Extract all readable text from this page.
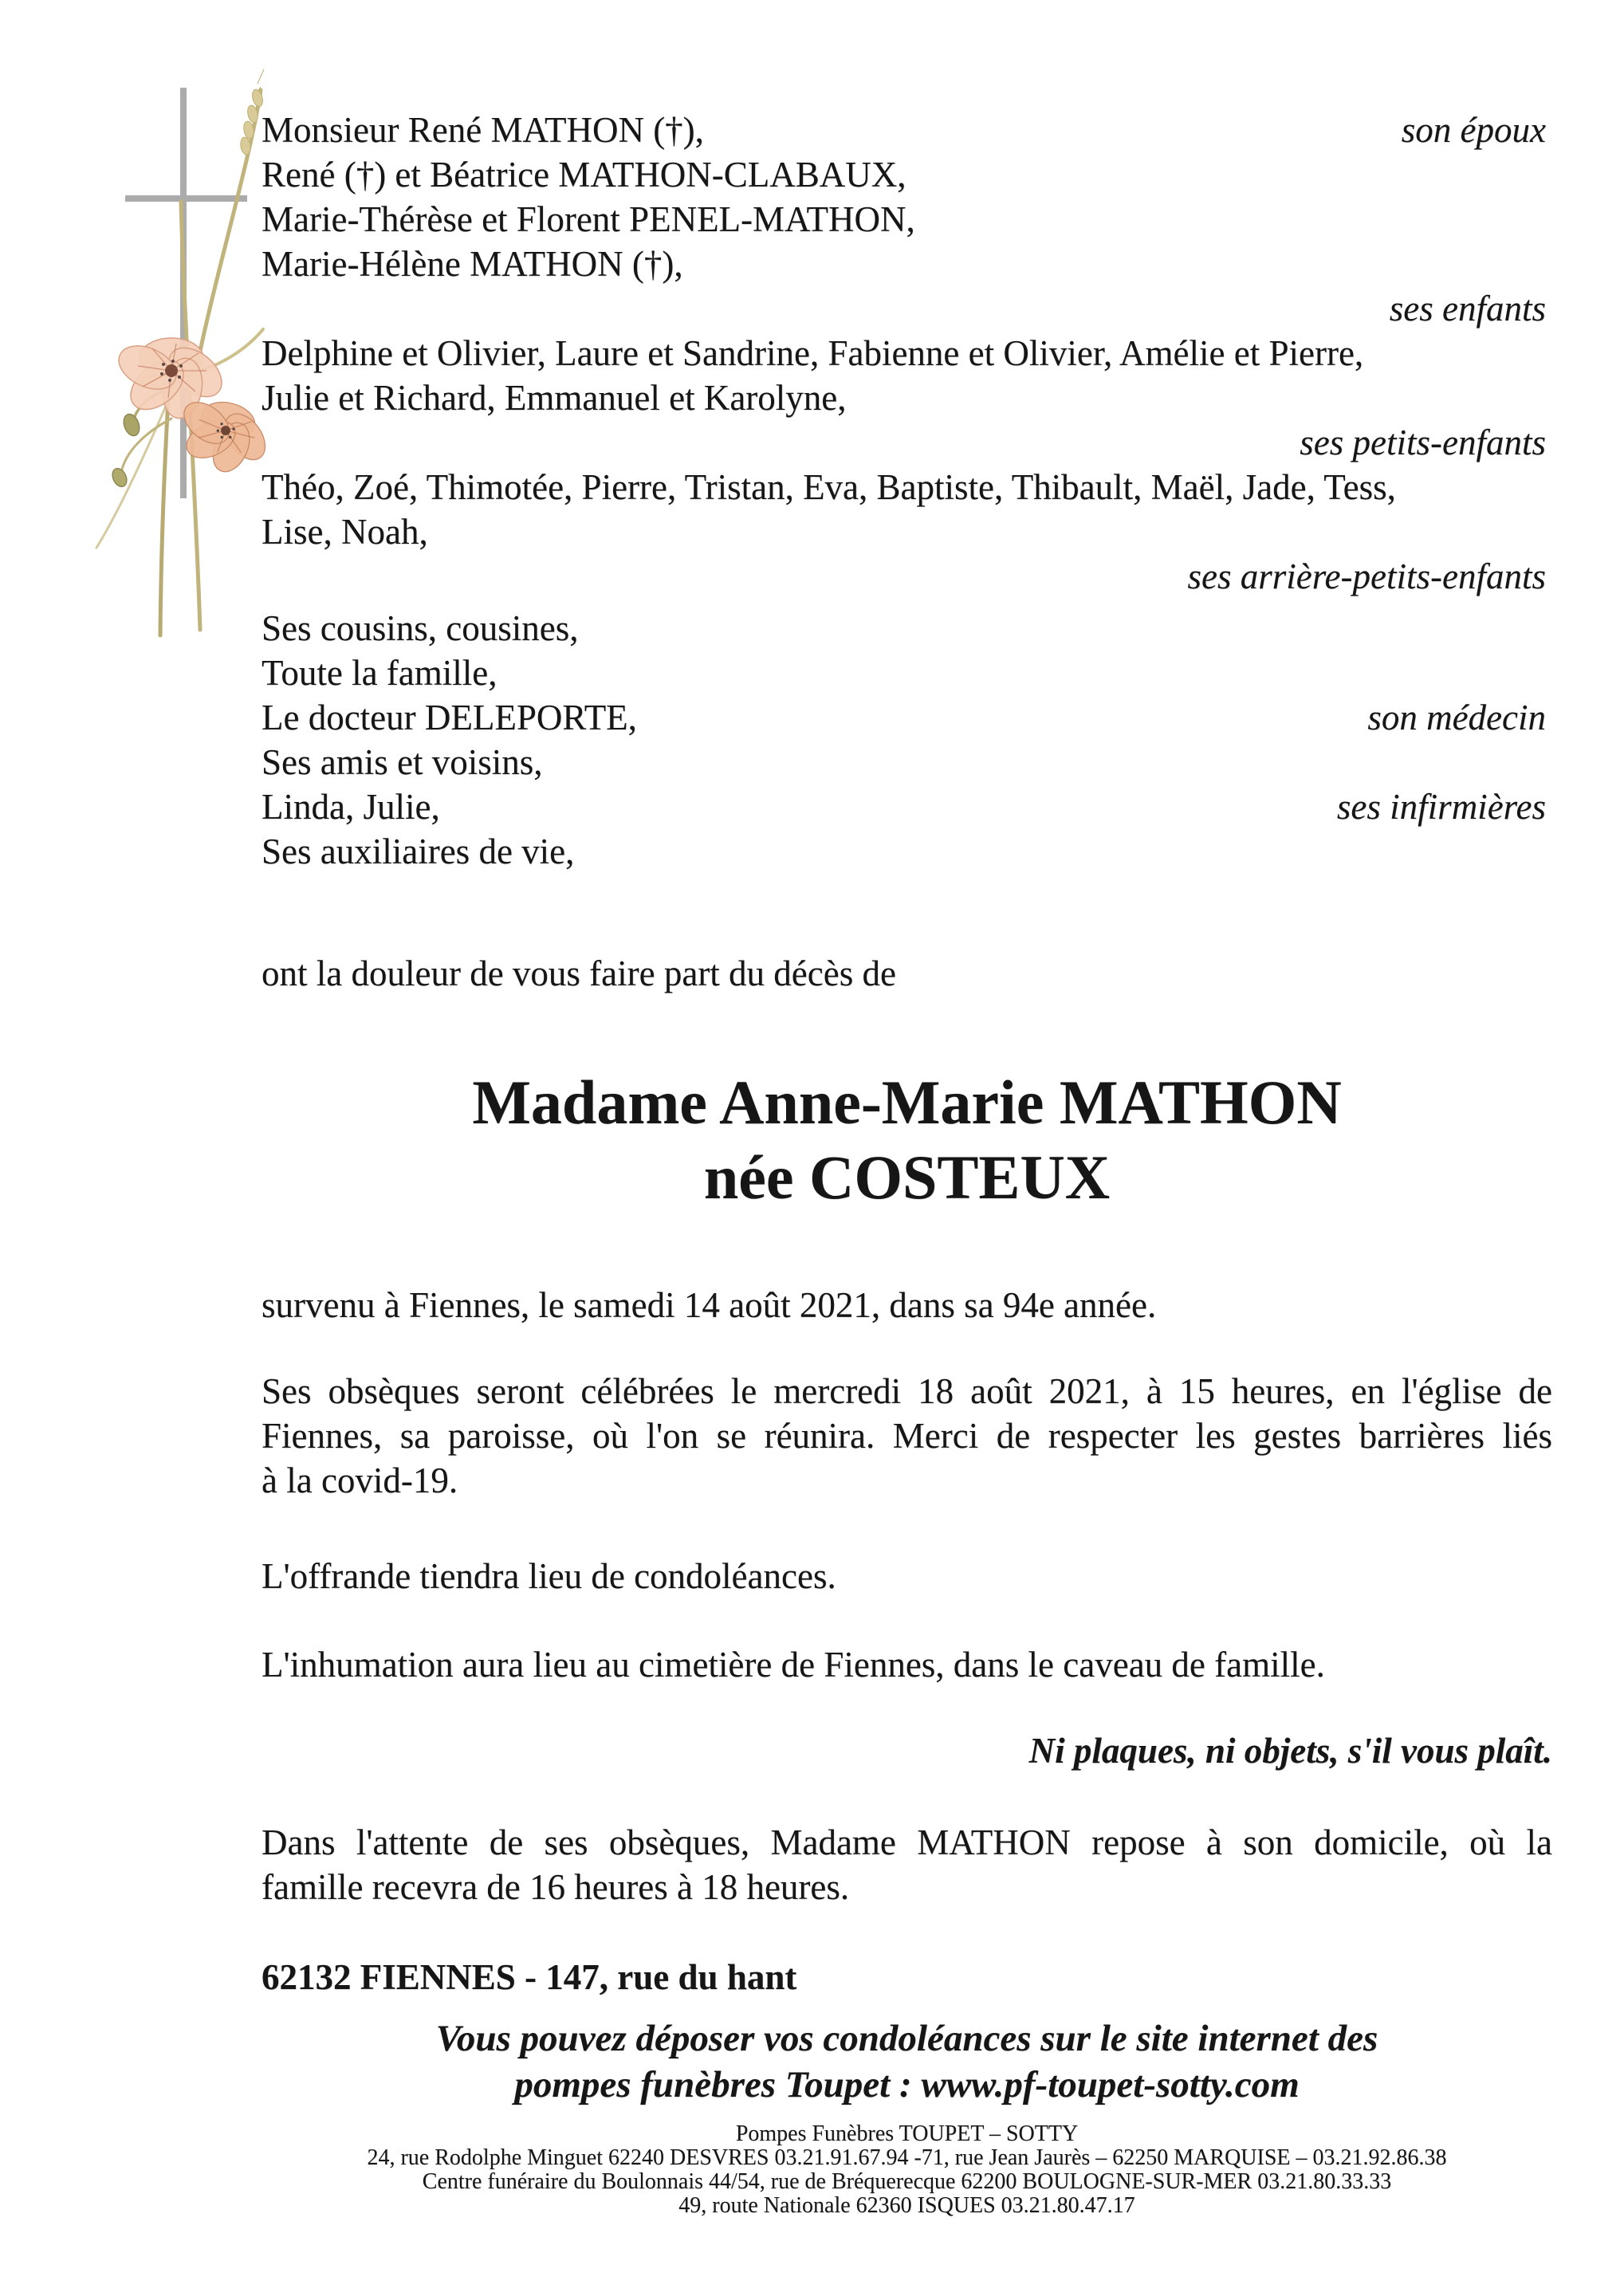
Monsieur René MATHON (†),	son époux
René (†) et Béatrice MATHON-CLABAUX,
Marie-Thérèse et Florent PENEL-MATHON,
Marie-Hélène MATHON (†),
ses enfants
Delphine et Olivier, Laure et Sandrine, Fabienne et Olivier, Amélie et Pierre,
Julie et Richard, Emmanuel et Karolyne,
ses petits-enfants
Théo, Zoé, Thimotée, Pierre, Tristan, Eva, Baptiste, Thibault, Maël, Jade, Tess,
Lise, Noah,
ses arrière-petits-enfants
Ses cousins, cousines,
Toute la famille,
Le docteur DELEPORTE,	son médecin
Ses amis et voisins,
Linda, Julie,	ses infirmières
Ses auxiliaires de vie,
ont la douleur de vous faire part du décès de
Madame Anne-Marie MATHON
née COSTEUX
survenu à Fiennes, le samedi 14 août 2021, dans sa 94e année.
Ses obsèques seront célébrées le mercredi 18 août 2021, à 15 heures, en l'église de
Fiennes, sa paroisse, où l'on se réunira. Merci de respecter les gestes barrières liés
à la covid-19.
L'offrande tiendra lieu de condoléances.
L'inhumation aura lieu au cimetière de Fiennes, dans le caveau de famille.
Ni plaques, ni objets, s'il vous plaît.
Dans l'attente de ses obsèques, Madame MATHON repose à son domicile, où la
famille recevra de 16 heures à 18 heures.
62132 FIENNES - 147, rue du hant
Vous pouvez déposer vos condoléances sur le site internet des
pompes funèbres Toupet : www.pf-toupet-sotty.com
Pompes Funèbres TOUPET – SOTTY
24, rue Rodolphe Minguet 62240 DESVRES 03.21.91.67.94 -71, rue Jean Jaurès – 62250 MARQUISE – 03.21.92.86.38
Centre funéraire du Boulonnais 44/54, rue de Bréquerecque 62200 BOULOGNE-SUR-MER 03.21.80.33.33
49, route Nationale 62360 ISQUES 03.21.80.47.17
